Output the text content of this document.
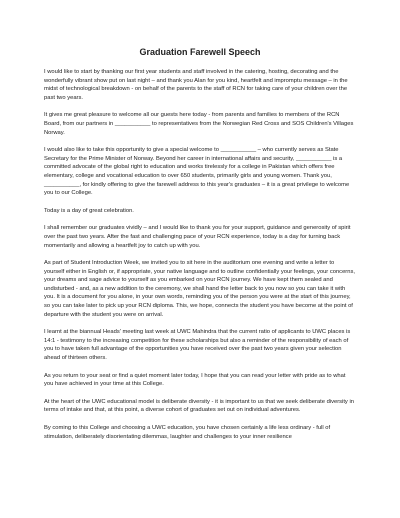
Graduation Farewell Speech

I would like to start by thanking our first year students and staff involved in the catering, hosting, decorating and the wonderfully vibrant show put on last night – and thank you Alan for you kind, heartfelt and impromptu message – in the midst of technological breakdown - on behalf of the parents to the staff of RCN for taking care of your children over the past two years.

It gives me great pleasure to welcome all our guests here today - from parents and families to members of the RCN Board, from our partners in ___________ to representatives from the Norwegian Red Cross and SOS Children's Villages Norway.

I would also like to take this opportunity to give a special welcome to ___________ – who currently serves as State Secretary for the Prime Minister of Norway. Beyond her career in international affairs and security, ___________ is a committed advocate of the global right to education and works tirelessly for a college in Pakistan which offers free elementary, college and vocational education to over 650 students, primarily girls and young women. Thank you, ___________, for kindly offering to give the farewell address to this year's graduates – it is a great privilege to welcome you to our College.

Today is a day of great celebration.

I shall remember our graduates vividly – and I would like to thank you for your support, guidance and generosity of spirit over the past two years. After the fast and challenging pace of your RCN experience, today is a day for turning back momentarily and allowing a heartfelt joy to catch up with you.

As part of Student Introduction Week, we invited you to sit here in the auditorium one evening and write a letter to yourself either in English or, if appropriate, your native language and to outline confidentially your feelings, your concerns, your dreams and sage advice to yourself as you embarked on your RCN journey. We have kept them sealed and undisturbed - and, as a new addition to the ceremony, we shall hand the letter back to you now so you can take it with you. It is a document for you alone, in your own words, reminding you of the person you were at the start of this journey, so you can take later to pick up your RCN diploma. This, we hope, connects the student you have become at the point of departure with the student you were on arrival.

I learnt at the biannual Heads' meeting last week at UWC Mahindra that the current ratio of applicants to UWC places is 14:1 - testimony to the increasing competition for these scholarships but also a reminder of the responsibility of each of you to have taken full advantage of the opportunities you have received over the past two years given your selection ahead of thirteen others.

As you return to your seat or find a quiet moment later today, I hope that you can read your letter with pride as to what you have achieved in your time at this College.

At the heart of the UWC educational model is deliberate diversity - it is important to us that we seek deliberate diversity in terms of intake and that, at this point, a diverse cohort of graduates set out on individual adventures.

By coming to this College and choosing a UWC education, you have chosen certainly a life less ordinary - full of stimulation, deliberately disorientating dilemmas, laughter and challenges to your inner resilience
